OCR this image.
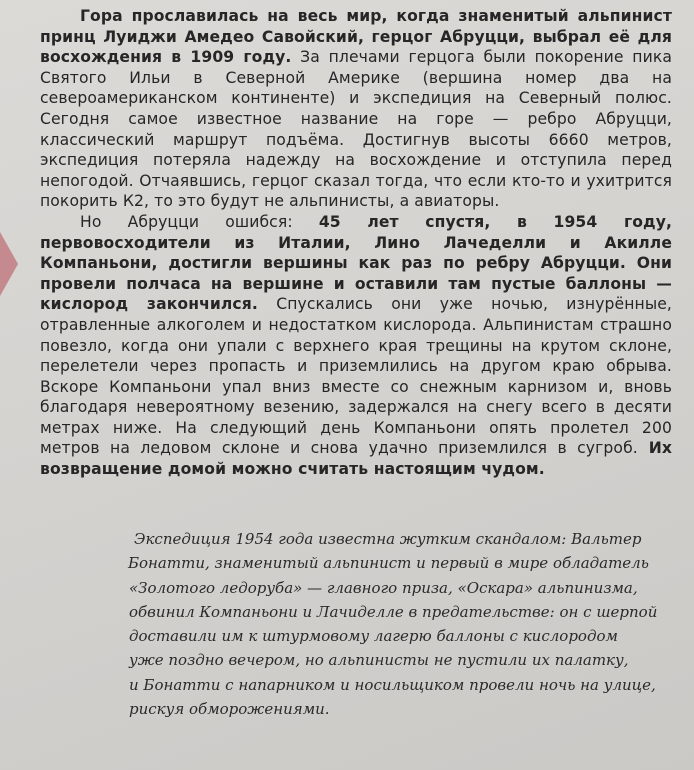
Гора прославилась на весь мир, когда знаменитый альпинист принц Луиджи Амедео Савойский, герцог Абруцци, выбрал её для восхождения в 1909 году. За плечами герцога были покорение пика Святого Ильи в Северной Америке (вершина номер два на североамериканском континенте) и экспедиция на Северный полюс. Сегодня самое известное название на горе — ребро Абруцци, классический маршрут подъёма. Достигнув высоты 6660 метров, экспедиция потеряла надежду на восхождение и отступила перед непогодой. Отчаявшись, герцог сказал тогда, что если кто-то и ухитрится покорить К2, то это будут не альпинисты, а авиаторы.

Но Абруцци ошибся: 45 лет спустя, в 1954 году, первовосходители из Италии, Лино Лачеделли и Акилле Компаньони, достигли вершины как раз по ребру Абруцци. Они провели полчаса на вершине и оставили там пустые баллоны — кислород закончился. Спускались они уже ночью, изнурённые, отравленные алкоголем и недостатком кислорода. Альпинистам страшно повезло, когда они упали с верхнего края трещины на крутом склоне, перелетели через пропасть и приземлились на другом краю обрыва. Вскоре Компаньони упал вниз вместе со снежным карнизом и, вновь благодаря невероятному везению, задержался на снегу всего в десяти метрах ниже. На следующий день Компаньони опять пролетел 200 метров на ледовом склоне и снова удачно приземлился в сугроб. Их возвращение домой можно считать настоящим чудом.

Экспедиция 1954 года известна жутким скандалом: Вальтер
Бонатти, знаменитый альпинист и первый в мире обладатель
«Золотого ледоруба» — главного приза, «Оскара» альпинизма,
обвинил Компаньони и Лачиделле в предательстве: он с шерпой
доставили им к штурмовому лагерю баллоны с кислородом
уже поздно вечером, но альпинисты не пустили их палатку,
и Бонатти с напарником и носильщиком провели ночь на улице,
рискуя обморожениями.
